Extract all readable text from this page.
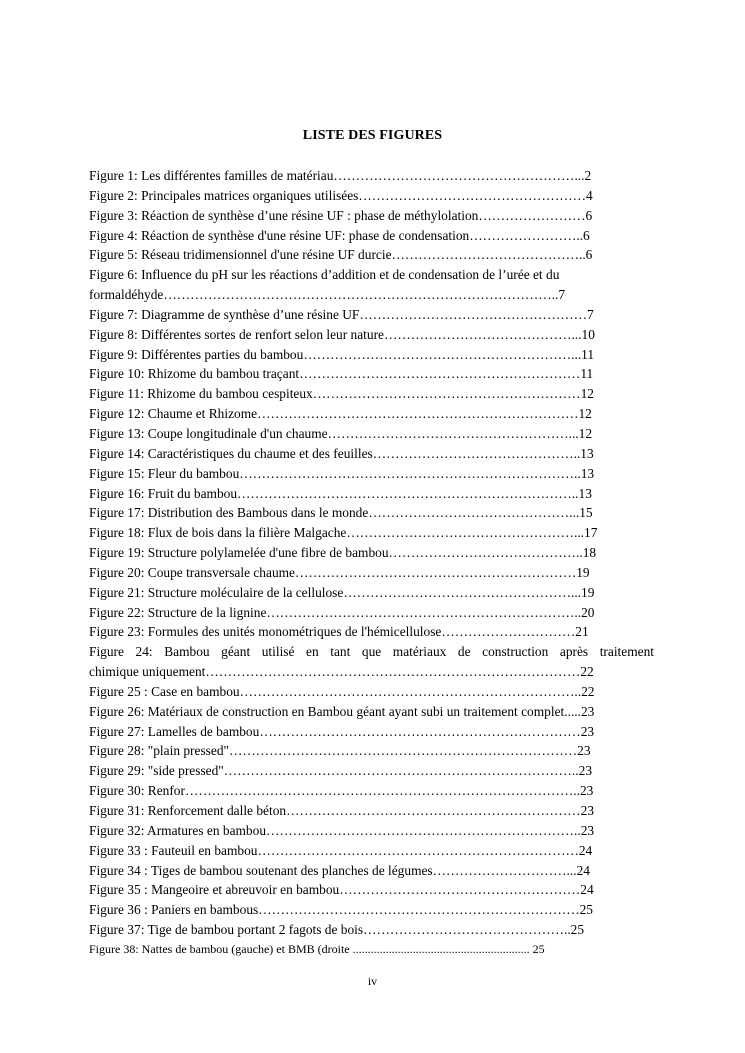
LISTE DES FIGURES
Figure 1: Les différentes familles de matériau………………………………………………...2
Figure 2: Principales matrices organiques utilisées……………………………………………4
Figure 3: Réaction de synthèse d’une résine UF : phase de méthylolation……………………6
Figure 4: Réaction de synthèse d'une résine UF: phase de condensation……………………..6
Figure 5: Réseau tridimensionnel d'une résine UF durcie……………………………………..6
Figure 6: Influence du pH sur les réactions d’addition et de condensation de l’urée et du
formaldéhyde……………………………………………………………………………..7
Figure 7: Diagramme de synthèse d’une résine UF……………………………………………7
Figure 8: Différentes sortes de renfort selon leur nature……………………………………...10
Figure 9: Différentes parties du bambou……………………………………………………...11
Figure 10: Rhizome du bambou traçant………………………………………………………11
Figure 11: Rhizome du bambou cespiteux……………………………………………………12
Figure 12: Chaume et Rhizome………………………………………………………………12
Figure 13: Coupe longitudinale d'un chaume………………………………………………...12
Figure 14: Caractéristiques du chaume et des feuilles………………………………………..13
Figure 15: Fleur du bambou…………………………………………………………………..13
Figure 16: Fruit du bambou…………………………………………………………………..13
Figure 17: Distribution des Bambous dans le monde………………………………………...15
Figure 18: Flux de bois dans la filière Malgache……………………………………………...17
Figure 19: Structure polylamelée d'une fibre de bambou……………………………………..18
Figure 20: Coupe transversale chaume………………………………………………………19
Figure 21: Structure moléculaire de la cellulose……………………………………………...19
Figure 22: Structure de la lignine……………………………………………………………..20
Figure 23: Formules des unités monométriques de l'hémicellulose…………………………21
Figure 24: Bambou géant utilisé en tant que matériaux de construction après traitement
chimique uniquement…………………………………………………………………………22
Figure 25 : Case en bambou…………………………………………………………………..22
Figure 26: Matériaux de construction en Bambou géant ayant subi un traitement complet.....23
Figure 27: Lamelles de bambou………………………………………………………………23
Figure 28: "plain pressed"……………………………………………………………………23
Figure 29: "side pressed"……………………………………………………………………..23
Figure 30: Renfor……………………………………………………………………………..23
Figure 31: Renforcement dalle béton…………………………………………………………23
Figure 32: Armatures en bambou……………………………………………………………..23
Figure 33 : Fauteuil en bambou………………………………………………………………24
Figure 34 : Tiges de bambou soutenant des planches de légumes…………………………...24
Figure 35 : Mangeoire et abreuvoir en bambou………………………………………………24
Figure 36 : Paniers en bambous………………………………………………………………25
Figure 37: Tige de bambou portant 2 fagots de bois………………………………………..25
Figure 38: Nattes de bambou (gauche) et BMB (droite ........................................................... 25
iv
